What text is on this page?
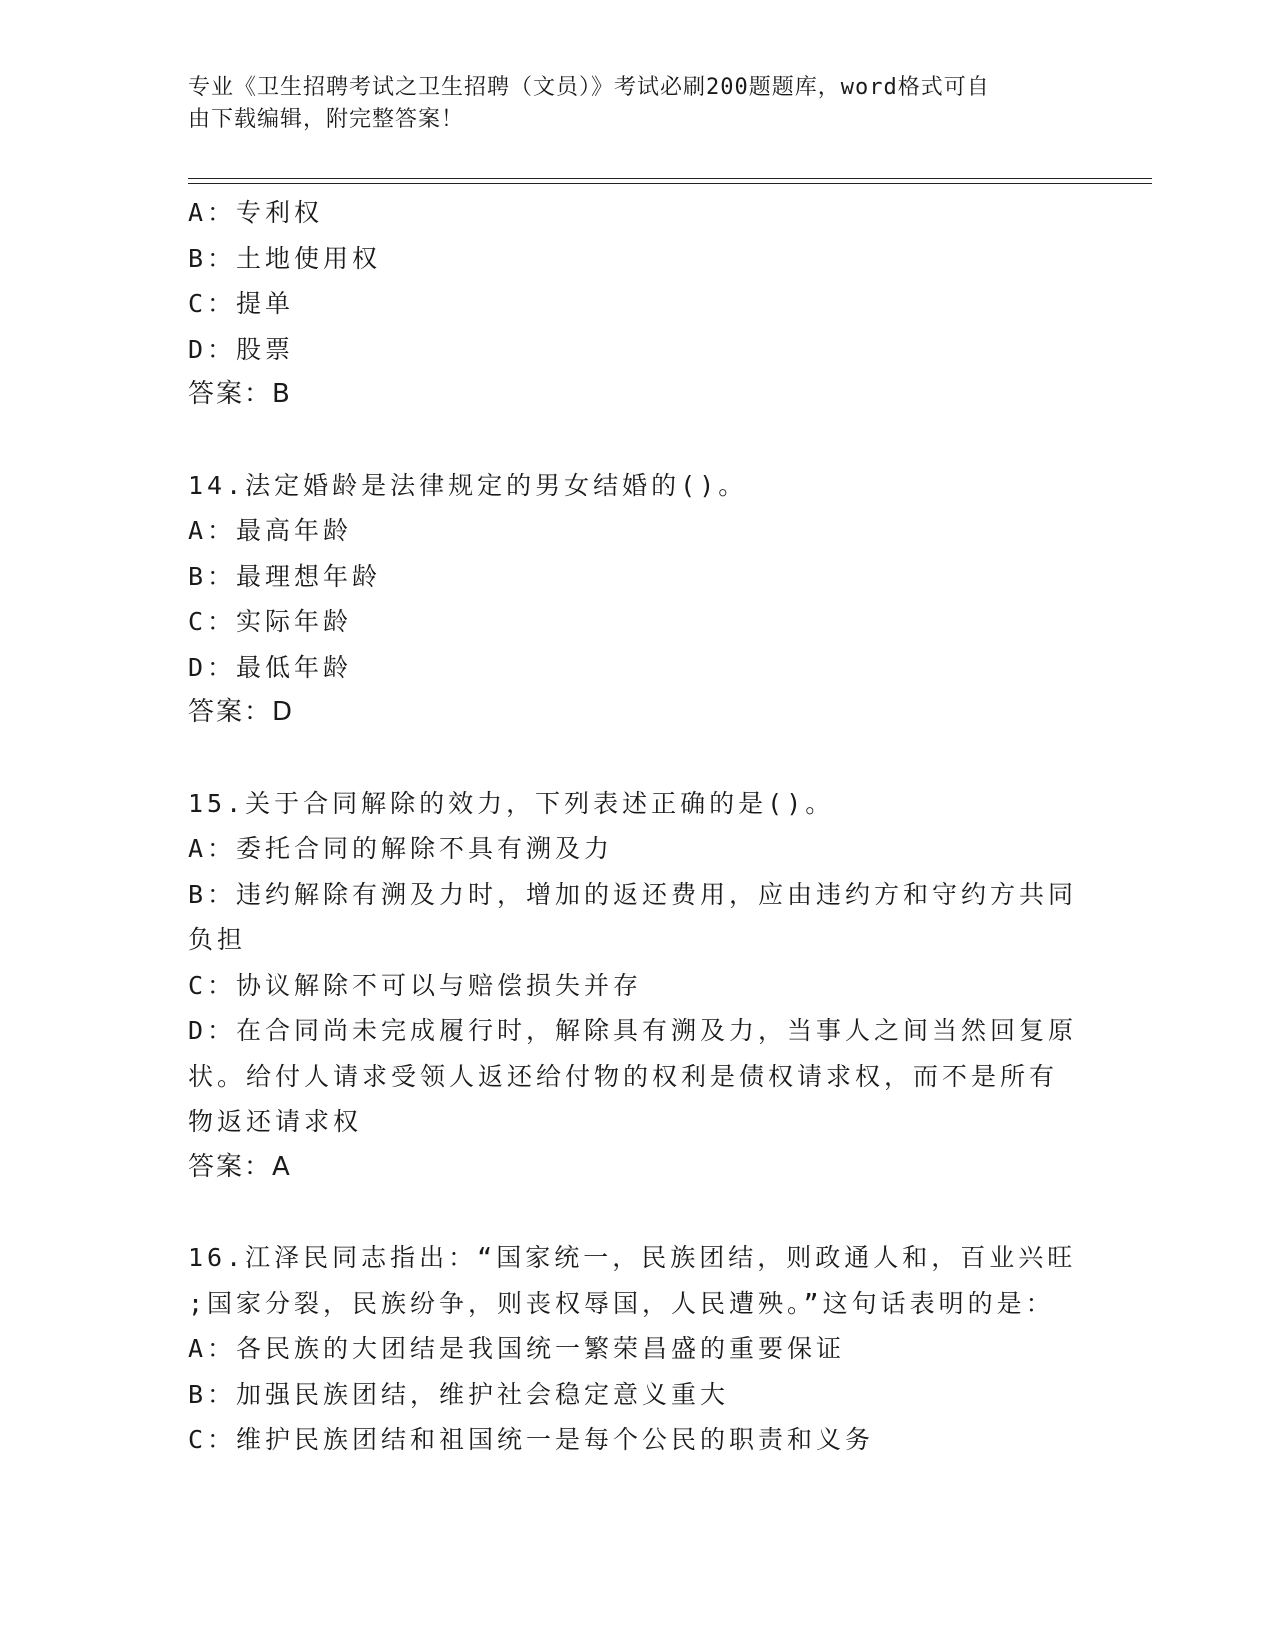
专业《卫生招聘考试之卫生招聘（文员）》考试必刷200题题库，word格式可自
由下载编辑，附完整答案！

A：专利权

B：土地使用权

C：提单

D：股票

答案：B

14.法定婚龄是法律规定的男女结婚的()。

A：最高年龄

B：最理想年龄

C：实际年龄

D：最低年龄

答案：D

15.关于合同解除的效力，下列表述正确的是()。

A：委托合同的解除不具有溯及力

B：违约解除有溯及力时，增加的返还费用，应由违约方和守约方共同

负担

C：协议解除不可以与赔偿损失并存

D：在合同尚未完成履行时，解除具有溯及力，当事人之间当然回复原

状。给付人请求受领人返还给付物的权利是债权请求权，而不是所有

物返还请求权

答案：A

16.江泽民同志指出：“国家统一，民族团结，则政通人和，百业兴旺

;国家分裂，民族纷争，则丧权辱国，人民遭殃。”这句话表明的是：

A：各民族的大团结是我国统一繁荣昌盛的重要保证

B：加强民族团结，维护社会稳定意义重大

C：维护民族团结和祖国统一是每个公民的职责和义务
